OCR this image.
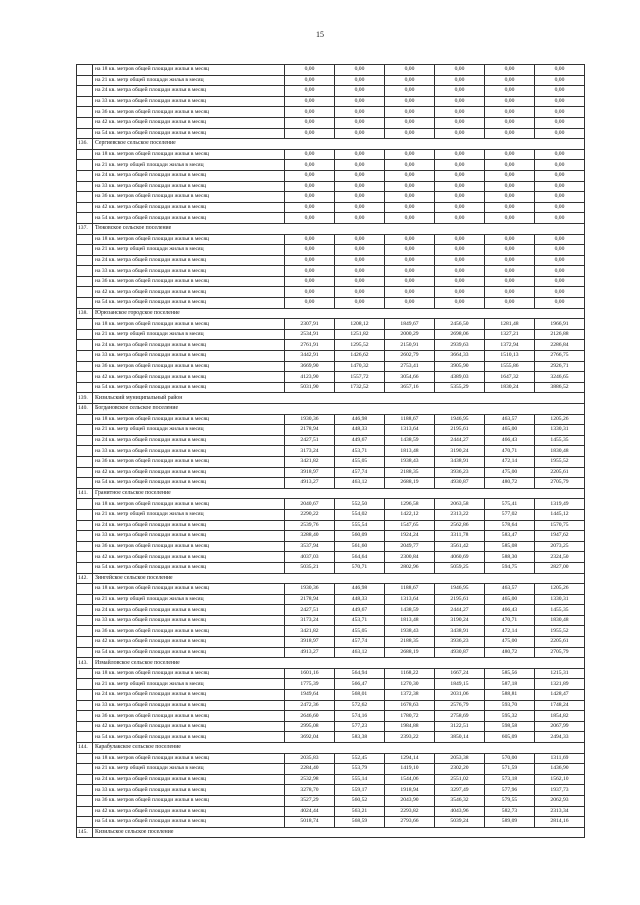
15
	на 18 кв. метров общей площади жилья в месяц	0,00	0,00	0,00	0,00	0,00	0,00
	на 21 кв. метр общей площади жилья в месяц	0,00	0,00	0,00	0,00	0,00	0,00
	на 24 кв. метра общей площади жилья в месяц	0,00	0,00	0,00	0,00	0,00	0,00
	на 33 кв. метра общей площади жилья в месяц	0,00	0,00	0,00	0,00	0,00	0,00
	на 36 кв. метров общей площади жилья в месяц	0,00	0,00	0,00	0,00	0,00	0,00
	на 42 кв. метра общей площади жилья в месяц	0,00	0,00	0,00	0,00	0,00	0,00
	на 54 кв. метра общей площади жилья в месяц	0,00	0,00	0,00	0,00	0,00	0,00
136.	Сергиевское сельское поселение						
	на 18 кв. метров общей площади жилья в месяц	0,00	0,00	0,00	0,00	0,00	0,00
	на 21 кв. метр общей площади жилья в месяц	0,00	0,00	0,00	0,00	0,00	0,00
	на 24 кв. метра общей площади жилья в месяц	0,00	0,00	0,00	0,00	0,00	0,00
	на 33 кв. метра общей площади жилья в месяц	0,00	0,00	0,00	0,00	0,00	0,00
	на 36 кв. метров общей площади жилья в месяц	0,00	0,00	0,00	0,00	0,00	0,00
	на 42 кв. метра общей площади жилья в месяц	0,00	0,00	0,00	0,00	0,00	0,00
	на 54 кв. метра общей площади жилья в месяц	0,00	0,00	0,00	0,00	0,00	0,00
137.	Тюковское сельское поселение						
	на 18 кв. метров общей площади жилья в месяц	0,00	0,00	0,00	0,00	0,00	0,00
	на 21 кв. метр общей площади жилья в месяц	0,00	0,00	0,00	0,00	0,00	0,00
	на 24 кв. метра общей площади жилья в месяц	0,00	0,00	0,00	0,00	0,00	0,00
	на 33 кв. метра общей площади жилья в месяц	0,00	0,00	0,00	0,00	0,00	0,00
	на 36 кв. метров общей площади жилья в месяц	0,00	0,00	0,00	0,00	0,00	0,00
	на 42 кв. метра общей площади жилья в месяц	0,00	0,00	0,00	0,00	0,00	0,00
	на 54 кв. метра общей площади жилья в месяц	0,00	0,00	0,00	0,00	0,00	0,00
138.	Юрюзанское городское поселение						
	на 18 кв. метров общей площади жилья в месяц	2307,91	1208,12	1849,67	2456,50	1281,48	1966,91
	на 21 кв. метр общей площади жилья в месяц	2534,91	1251,82	2000,29	2698,06	1327,21	2126,88
	на 24 кв. метра общей площади жилья в месяц	2761,91	1295,52	2150,91	2939,63	1372,94	2286,84
	на 33 кв. метра общей площади жилья в месяц	3442,91	1426,62	2602,79	3664,33	1510,13	2766,75
	на 36 кв. метров общей площади жилья в месяц	3669,90	1470,32	2753,41	3905,90	1555,86	2926,71
	на 42 кв. метра общей площади жилья в месяц	4123,90	1557,72	3054,66	4389,03	1647,32	3246,65
	на 54 кв. метра общей площади жилья в месяц	5031,90	1732,52	3657,16	5355,29	1830,24	3886,52
139.	Кизильский муниципальный район						
140.	Богдановское сельское поселение						
	на 18 кв. метров общей площади жилья в месяц	1930,36	446,98	1188,67	1946,95	463,57	1205,26
	на 21 кв. метр общей площади жилья в месяц	2178,94	448,33	1313,64	2195,61	465,00	1330,31
	на 24 кв. метра общей площади жилья в месяц	2427,51	449,67	1438,59	2444,27	466,43	1455,35
	на 33 кв. метра общей площади жилья в месяц	3173,24	453,71	1813,48	3190,24	470,71	1830,48
	на 36 кв. метров общей площади жилья в месяц	3421,82	455,05	1938,43	3438,91	472,14	1955,52
	на 42 кв. метра общей площади жилья в месяц	3918,97	457,74	2188,35	3936,23	475,00	2205,61
	на 54 кв. метра общей площади жилья в месяц	4913,27	463,12	2688,19	4930,87	480,72	2705,79
141.	Гранитное сельское поселение						
	на 18 кв. метров общей площади жилья в месяц	2040,67	552,50	1296,58	2063,58	575,41	1319,49
	на 21 кв. метр общей площади жилья в месяц	2290,22	554,02	1422,12	2313,22	577,02	1445,12
	на 24 кв. метра общей площади жилья в месяц	2539,76	555,54	1547,65	2562,86	578,64	1570,75
	на 33 кв. метра общей площади жилья в месяц	3288,40	560,09	1924,24	3311,78	583,47	1947,62
	на 36 кв. метров общей площади жилья в месяц	3537,94	561,60	2049,77	3561,42	585,08	2073,25
	на 42 кв. метра общей площади жилья в месяц	4037,03	564,64	2300,84	4060,69	588,30	2324,50
	на 54 кв. метра общей площади жилья в месяц	5035,21	570,71	2802,96	5059,25	594,75	2827,00
142.	Зингейское сельское поселение						
	на 18 кв. метров общей площади жилья в месяц	1930,36	446,98	1188,67	1946,95	463,57	1205,26
	на 21 кв. метр общей площади жилья в месяц	2178,94	448,33	1313,64	2195,61	465,00	1330,31
	на 24 кв. метра общей площади жилья в месяц	2427,51	449,67	1438,59	2444,27	466,43	1455,35
	на 33 кв. метра общей площади жилья в месяц	3173,24	453,71	1813,48	3190,24	470,71	1830,48
	на 36 кв. метров общей площади жилья в месяц	3421,82	455,05	1938,43	3438,91	472,14	1955,52
	на 42 кв. метра общей площади жилья в месяц	3918,97	457,74	2188,35	3936,23	475,00	2205,61
	на 54 кв. метра общей площади жилья в месяц	4913,27	463,12	2688,19	4930,87	480,72	2705,79
143.	Измайловское сельское поселение						
	на 18 кв. метров общей площади жилья в месяц	1601,16	564,94	1168,22	1667,24	585,56	1215,31
	на 21 кв. метр общей площади жилья в месяц	1775,39	566,47	1270,30	1849,15	587,18	1321,89
	на 24 кв. метра общей площади жилья в месяц	1949,64	568,01	1372,38	2031,06	588,81	1428,47
	на 33 кв. метра общей площади жилья в месяц	2472,36	572,62	1678,63	2576,79	593,70	1748,24
	на 36 кв. метров общей площади жилья в месяц	2646,60	574,16	1780,72	2758,69	595,32	1854,82
	на 42 кв. метра общей площади жилья в месяц	2995,08	577,23	1984,88	3122,51	598,58	2067,99
	на 54 кв. метра общей площади жилья в месяц	3692,04	583,38	2393,22	3850,14	605,09	2494,33
144.	Карабулакское сельское поселение						
	на 18 кв. метров общей площади жилья в месяц	2035,83	552,45	1294,14	2053,38	570,00	1311,69
	на 21 кв. метр общей площади жилья в месяц	2284,40	553,79	1419,10	2302,20	571,59	1436,90
	на 24 кв. метра общей площади жилья в месяц	2532,98	555,14	1544,06	2551,02	573,18	1562,10
	на 33 кв. метра общей площади жилья в месяц	3278,70	559,17	1918,94	3297,49	577,96	1937,73
	на 36 кв. метров общей площади жилья в месяц	3527,29	560,52	2043,90	3546,32	579,55	2062,93
	на 42 кв. метра общей площади жилья в месяц	4024,44	563,21	2293,82	4043,96	582,73	2313,34
	на 54 кв. метра общей площади жилья в месяц	5018,74	568,59	2793,66	5039,24	589,09	2814,16
145.	Кизильское сельское поселение						
